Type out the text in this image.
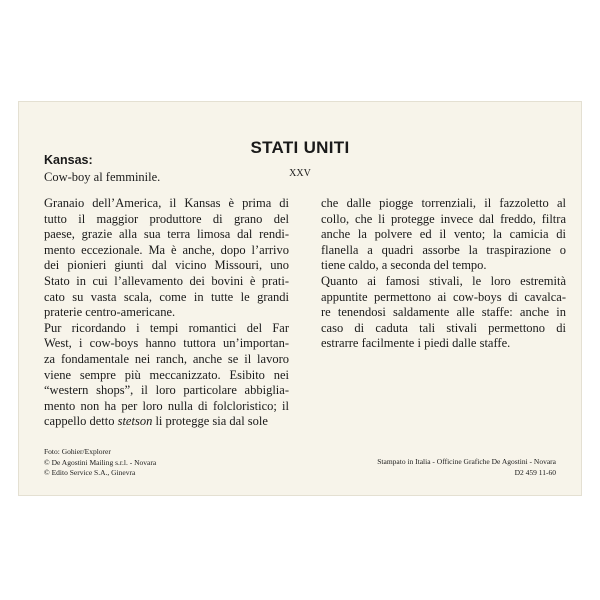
STATI UNITI
XXV
Kansas:
Cow-boy al femminile.
Granaio dell’America, il Kansas è prima di
tutto il maggior produttore di grano del
paese, grazie alla sua terra limosa dal rendi-
mento eccezionale. Ma è anche, dopo l’arrivo
dei pionieri giunti dal vicino Missouri, uno
Stato in cui l’allevamento dei bovini è prati-
cato su vasta scala, come in tutte le grandi
praterie centro-americane.
Pur ricordando i tempi romantici del Far
West, i cow-boys hanno tuttora un’importan-
za fondamentale nei ranch, anche se il lavoro
viene sempre più meccanizzato. Esibito nei
“western shops”, il loro particolare abbiglia-
mento non ha per loro nulla di folcloristico; il
cappello detto stetson li protegge sia dal sole
che dalle piogge torrenziali, il fazzoletto al
collo, che li protegge invece dal freddo, filtra
anche la polvere ed il vento; la camicia di
flanella a quadri assorbe la traspirazione o
tiene caldo, a seconda del tempo.
Quanto ai famosi stivali, le loro estremità
appuntite permettono ai cow-boys di cavalca-
re tenendosi saldamente alle staffe: anche in
caso di caduta tali stivali permettono di
estrarre facilmente i piedi dalle staffe.
Foto: Gohier/Explorer
© De Agostini Mailing s.r.l. - Novara
© Edito Service S.A., Ginevra
Stampato in Italia - Officine Grafiche De Agostini - Novara
D2 459 11-60
